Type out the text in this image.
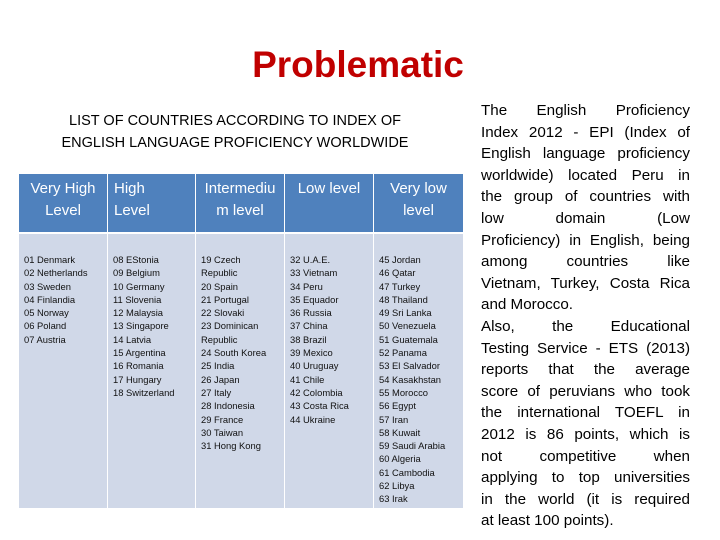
Problematic
LIST OF COUNTRIES ACCORDING TO INDEX OF
ENGLISH LANGUAGE PROFICIENCY WORLDWIDE
Very High
Level
01 Denmark
02 Netherlands
03 Sweden
04 Finlandia
05 Norway
06 Poland
07 Austria
High
Level
08 EStonia
09 Belgium
10 Germany
11 Slovenia
12 Malaysia
13 Singapore
14 Latvia
15 Argentina
16 Romania
17 Hungary
18 Switzerland
Intermediu
m level
19 Czech
Republic
20 Spain
21 Portugal
22 Slovaki
23 Dominican
Republic
24 South Korea
25 India
26 Japan
27 Italy
28 Indonesia
29 France
30 Taiwan
31 Hong Kong
Low level
32 U.A.E.
33 Vietnam
34 Peru
35 Equador
36 Russia
37 China
38 Brazil
39 Mexico
40 Uruguay
41 Chile
42 Colombia
43 Costa Rica
44 Ukraine
Very low
level
45 Jordan
46 Qatar
47 Turkey
48 Thailand
49 Sri Lanka
50 Venezuela
51 Guatemala
52 Panama
53 El Salvador
54 Kasakhstan
55 Morocco
56 Egypt
57 Iran
58 Kuwait
59 Saudi Arabia
60 Algeria
61 Cambodia
62 Libya
63 Irak
The English Proficiency
Index 2012 - EPI (Index of
English language proficiency
worldwide) located Peru in
the group of countries with
low domain (Low
Proficiency) in English, being
among countries like
Vietnam, Turkey, Costa Rica
and Morocco.
Also, the Educational
Testing Service - ETS (2013)
reports that the average
score of peruvians who took
the international TOEFL in
2012 is 86 points, which is
not competitive when
applying to top universities
in the world (it is required
at least 100 points).
